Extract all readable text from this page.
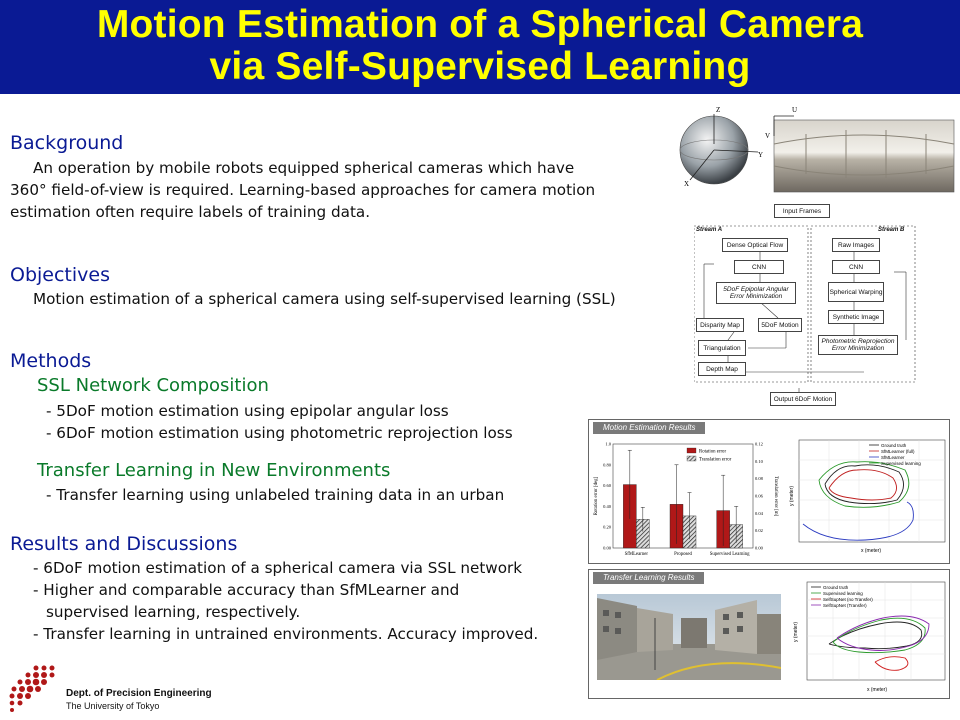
Motion Estimation of a Spherical Camera
via Self-Supervised Learning
Background
An operation by mobile robots equipped spherical cameras which have
360° field-of-view is required. Learning-based approaches for camera motion
estimation often require labels of training data.
Objectives
Motion estimation of a spherical camera using self-supervised learning (SSL)
Methods
SSL Network Composition
- 5DoF motion estimation using epipolar angular loss
- 6DoF motion estimation using photometric reprojection loss
Transfer Learning in New Environments
- Transfer learning using unlabeled training data in an urban
Results and Discussions
- 6DoF motion estimation of a spherical camera via SSL network
- Higher and comparable accuracy than SfMLearner and
supervised learning, respectively.
- Transfer learning in untrained environments. Accuracy improved.
Dept. of Precision Engineering
The University of Tokyo
Z
X
Y
U
V
Input Frames
Stream A	Stream B
Dense Optical Flow
CNN
5DoF Epipolar Angular Error Minimization
Disparity Map	5DoF Motion
Triangulation
Depth Map
Raw Images
CNN
Spherical Warping
Synthetic Image
Photometric Reprojection Error Minimization
Output 6DoF Motion
Motion Estimation Results
0.00
0.20
0.40
0.60
0.80
1.0
0.00
0.02
0.04
0.06
0.08
0.10
0.12
SfMLearner	Proposed	Supervised Learning
Rotation error
Translation error
Rotation error [deg]	Translation error [m]
Ground truth
SfMLearner (full)
SfMLearner
Supervised learning
x (meter)
y (meter)
Transfer Learning Results
Ground truth
Supervised learning
SelfSupNet (no Transfer)
SelfSupNet (Transfer)
x (meter)
y (meter)
